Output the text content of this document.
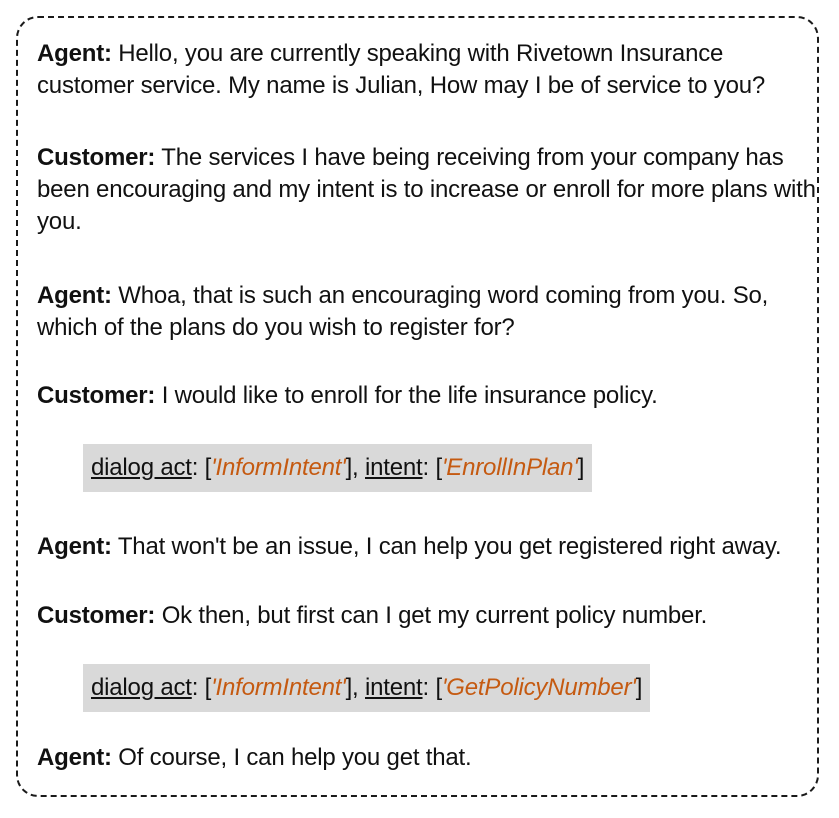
Agent: Hello, you are currently speaking with Rivetown Insurance customer service. My name is Julian, How may I be of service to you?
Customer: The services I have being receiving from your company has been encouraging and my intent is to increase or enroll for more plans with you.
Agent: Whoa, that is such an encouraging word coming from you. So, which of the plans do you wish to register for?
Customer: I would like to enroll for the life insurance policy.
dialog act: ['InformIntent'], intent: ['EnrollInPlan']
Agent: That won't be an issue, I can help you get registered right away.
Customer: Ok then, but first can I get my current policy number.
dialog act: ['InformIntent'], intent: ['GetPolicyNumber']
Agent: Of course, I can help you get that.
